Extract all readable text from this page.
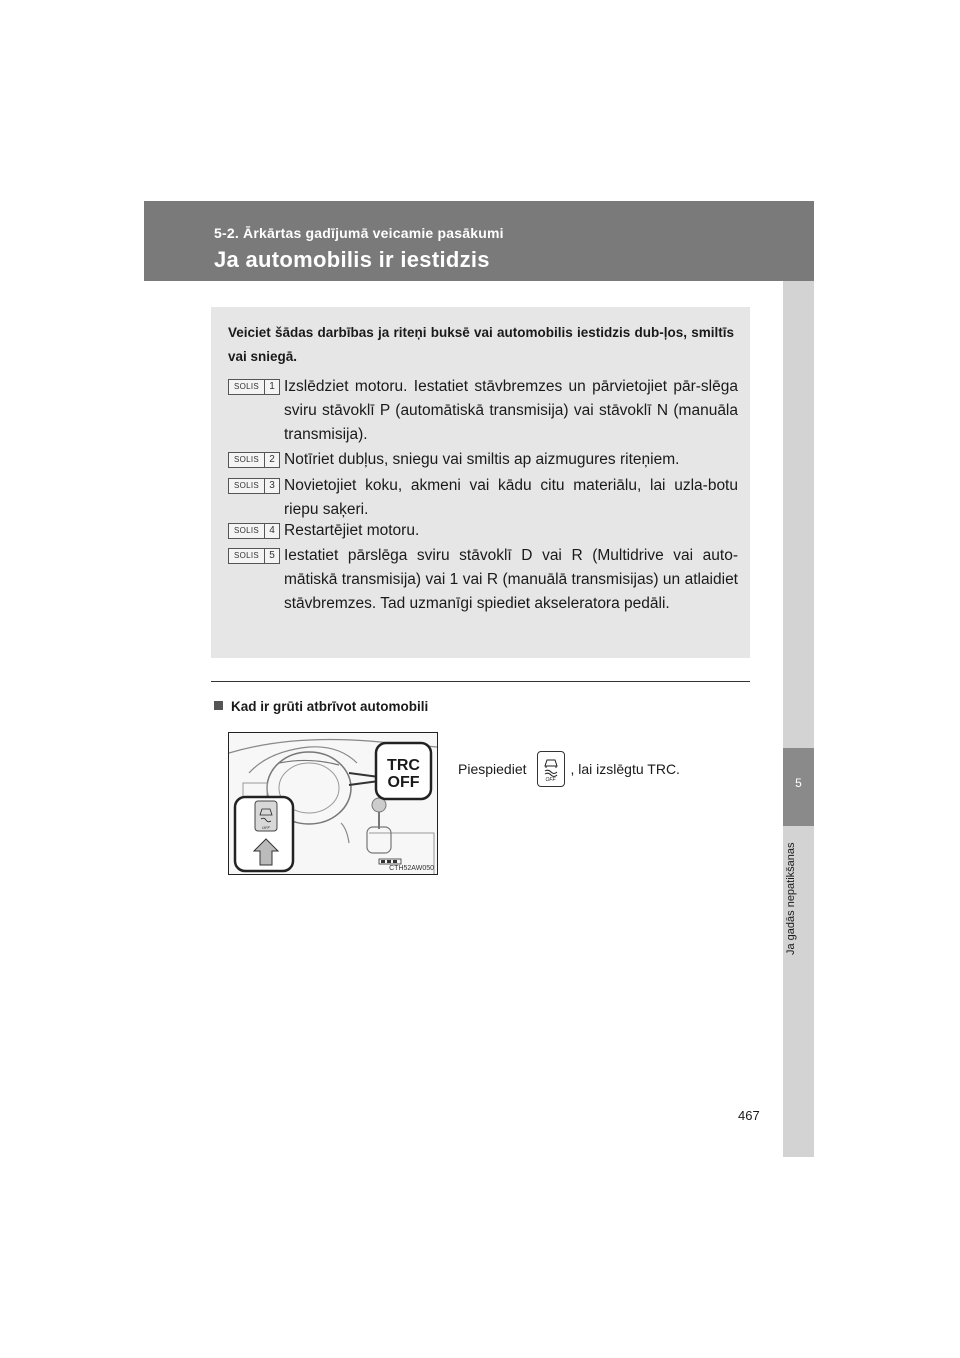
5-2. Ārkārtas gadījumā veicamie pasākumi
Ja automobilis ir iestidzis
5
Ja gadās nepatikšanas
Veiciet šādas darbības ja riteņi buksē vai automobilis iestidzis dub-ļos, smiltīs vai sniegā.
SOLIS	1 Izslēdziet motoru. Iestatiet stāvbremzes un pārvietojiet pār-slēga sviru stāvoklī P (automātiskā transmisija) vai stāvoklī N (manuāla transmisija).
SOLIS	2 Notīriet dubļus, sniegu vai smiltis ap aizmugures riteņiem.
SOLIS	3 Novietojiet koku, akmeni vai kādu citu materiālu, lai uzla-botu riepu saķeri.
SOLIS	4 Restartējiet motoru.
SOLIS	5 Iestatiet pārslēga sviru stāvoklī D vai R (Multidrive vai auto-mātiskā transmisija) vai 1 vai R (manuālā transmisijas) un atlaidiet stāvbremzes. Tad uzmanīgi spiediet akseleratora pedāli.
Kad ir grūti atbrīvot automobili
TRC
OFF
OFF
CTH52AW050
Piespiediet
OFF
, lai izslēgtu TRC.
467
